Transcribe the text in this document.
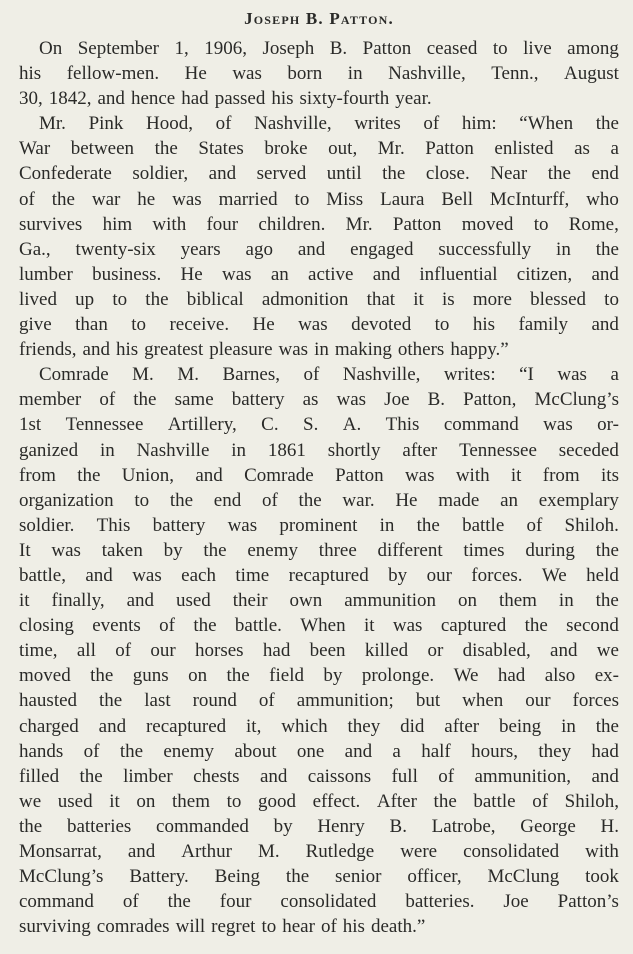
Joseph B. Patton.
On September 1, 1906, Joseph B. Patton ceased to live among
his fellow-men. He was born in Nashville, Tenn., August
30, 1842, and hence had passed his sixty-fourth year.
Mr. Pink Hood, of Nashville, writes of him: “When the
War between the States broke out, Mr. Patton enlisted as a
Confederate soldier, and served until the close. Near the end
of the war he was married to Miss Laura Bell McInturff, who
survives him with four children. Mr. Patton moved to Rome,
Ga., twenty-six years ago and engaged successfully in the
lumber business. He was an active and influential citizen, and
lived up to the biblical admonition that it is more blessed to
give than to receive. He was devoted to his family and
friends, and his greatest pleasure was in making others happy.”
Comrade M. M. Barnes, of Nashville, writes: “I was a
member of the same battery as was Joe B. Patton, McClung’s
1st Tennessee Artillery, C. S. A. This command was or-
ganized in Nashville in 1861 shortly after Tennessee seceded
from the Union, and Comrade Patton was with it from its
organization to the end of the war. He made an exemplary
soldier. This battery was prominent in the battle of Shiloh.
It was taken by the enemy three different times during the
battle, and was each time recaptured by our forces. We held
it finally, and used their own ammunition on them in the
closing events of the battle. When it was captured the second
time, all of our horses had been killed or disabled, and we
moved the guns on the field by prolonge. We had also ex-
hausted the last round of ammunition; but when our forces
charged and recaptured it, which they did after being in the
hands of the enemy about one and a half hours, they had
filled the limber chests and caissons full of ammunition, and
we used it on them to good effect. After the battle of Shiloh,
the batteries commanded by Henry B. Latrobe, George H.
Monsarrat, and Arthur M. Rutledge were consolidated with
McClung’s Battery. Being the senior officer, McClung took
command of the four consolidated batteries. Joe Patton’s
surviving comrades will regret to hear of his death.”
